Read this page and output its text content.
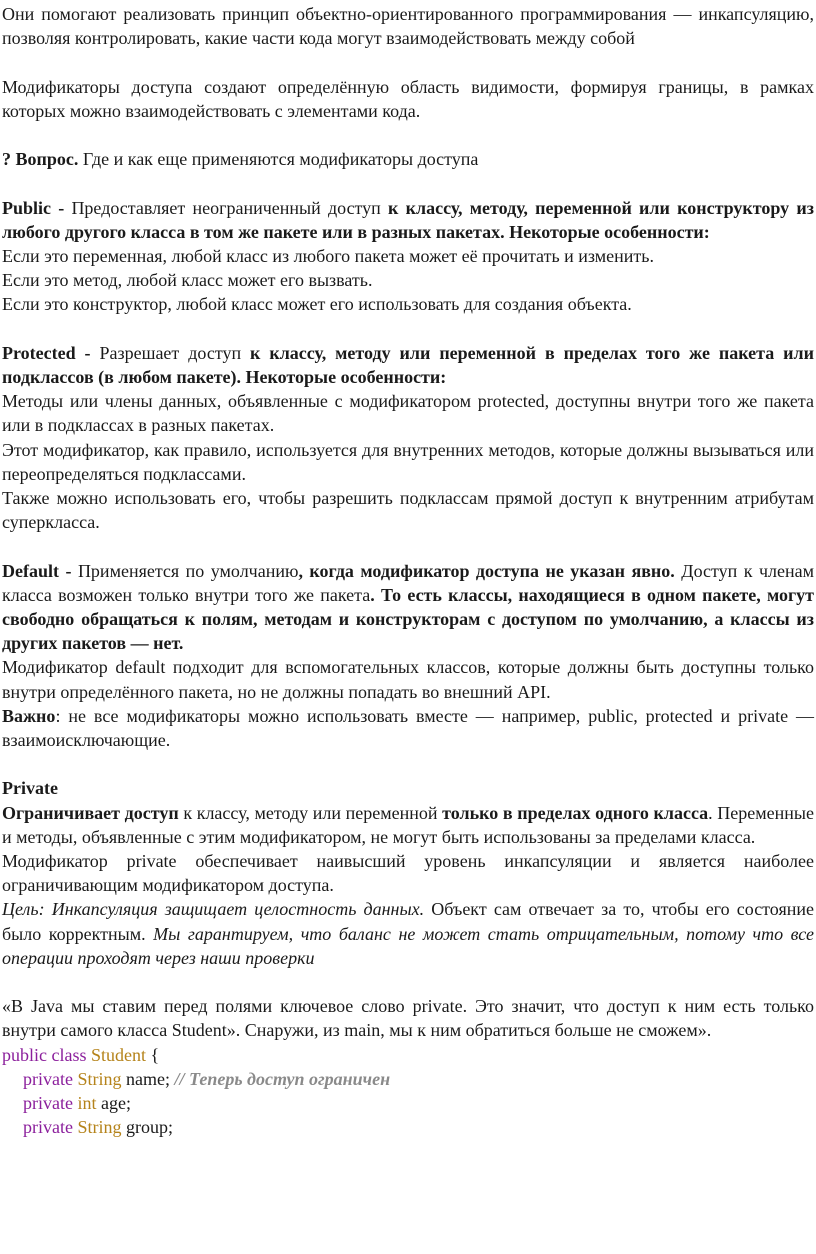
Они помогают реализовать принцип объектно-ориентированного программирования — инкапсуляцию, позволяя контролировать, какие части кода могут взаимодействовать между собой

Модификаторы доступа создают определённую область видимости, формируя границы, в рамках которых можно взаимодействовать с элементами кода.

? Вопрос. Где и как еще применяются модификаторы доступа

Public - Предоставляет неограниченный доступ к классу, методу, переменной или конструктору из любого другого класса в том же пакете или в разных пакетах. Некоторые особенности:

Если это переменная, любой класс из любого пакета может её прочитать и изменить.

Если это метод, любой класс может его вызвать.

Если это конструктор, любой класс может его использовать для создания объекта.

Protected - Разрешает доступ к классу, методу или переменной в пределах того же пакета или подклассов (в любом пакете). Некоторые особенности:

Методы или члены данных, объявленные с модификатором protected, доступны внутри того же пакета или в подклассах в разных пакетах.

Этот модификатор, как правило, используется для внутренних методов, которые должны вызываться или переопределяться подклассами.

Также можно использовать его, чтобы разрешить подклассам прямой доступ к внутренним атрибутам суперкласса.

Default - Применяется по умолчанию, когда модификатор доступа не указан явно. Доступ к членам класса возможен только внутри того же пакета. То есть классы, находящиеся в одном пакете, могут свободно обращаться к полям, методам и конструкторам с доступом по умолчанию, а классы из других пакетов — нет.

Модификатор default подходит для вспомогательных классов, которые должны быть доступны только внутри определённого пакета, но не должны попадать во внешний API.

Важно: не все модификаторы можно использовать вместе — например, public, protected и private — взаимоисключающие.

Private

Ограничивает доступ к классу, методу или переменной только в пределах одного класса. Переменные и методы, объявленные с этим модификатором, не могут быть использованы за пределами класса.

Модификатор private обеспечивает наивысший уровень инкапсуляции и является наиболее ограничивающим модификатором доступа.

Цель: Инкапсуляция защищает целостность данных. Объект сам отвечает за то, чтобы его состояние было корректным. Мы гарантируем, что баланс не может стать отрицательным, потому что все операции проходят через наши проверки

«В Java мы ставим перед полями ключевое слово private. Это значит, что доступ к ним есть только внутри самого класса Student». Снаружи, из main, мы к ним обратиться больше не сможем».

public class Student {

private String name; // Теперь доступ ограничен

private int age;

private String group;
